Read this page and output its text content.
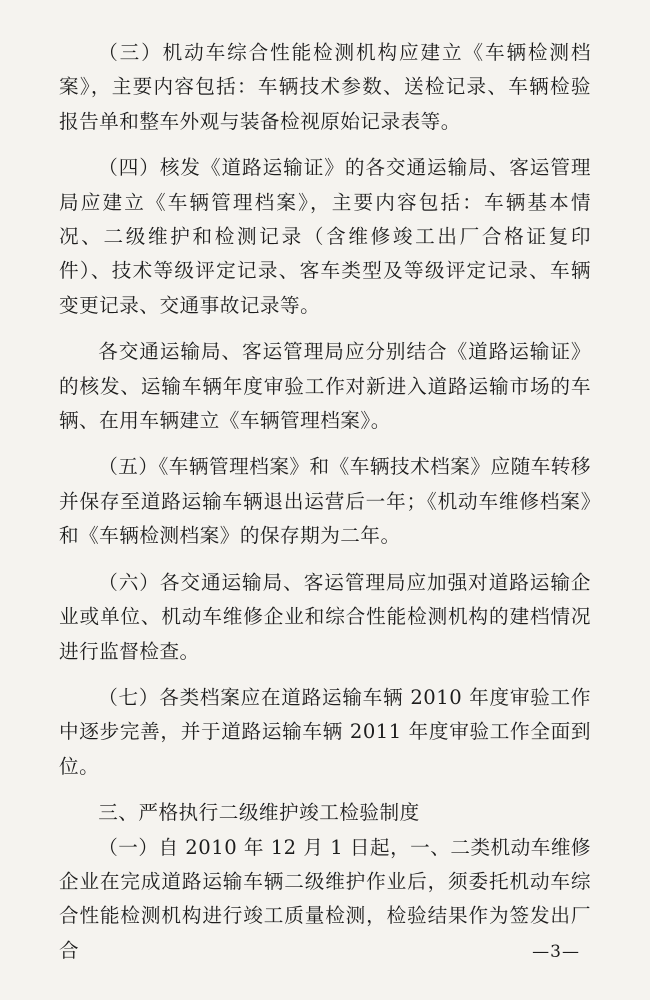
（三）机动车综合性能检测机构应建立《车辆检测档案》，主要内容包括：车辆技术参数、送检记录、车辆检验报告单和整车外观与装备检视原始记录表等。

（四）核发《道路运输证》的各交通运输局、客运管理局应建立《车辆管理档案》，主要内容包括：车辆基本情况、二级维护和检测记录（含维修竣工出厂合格证复印件）、技术等级评定记录、客车类型及等级评定记录、车辆变更记录、交通事故记录等。

各交通运输局、客运管理局应分别结合《道路运输证》的核发、运输车辆年度审验工作对新进入道路运输市场的车辆、在用车辆建立《车辆管理档案》。

（五）《车辆管理档案》和《车辆技术档案》应随车转移并保存至道路运输车辆退出运营后一年；《机动车维修档案》和《车辆检测档案》的保存期为二年。

（六）各交通运输局、客运管理局应加强对道路运输企业或单位、机动车维修企业和综合性能检测机构的建档情况进行监督检查。

（七）各类档案应在道路运输车辆 2010 年度审验工作中逐步完善，并于道路运输车辆 2011 年度审验工作全面到位。

三、严格执行二级维护竣工检验制度

（一）自 2010 年 12 月 1 日起，一、二类机动车维修企业在完成道路运输车辆二级维护作业后，须委托机动车综合性能检测机构进行竣工质量检测，检验结果作为签发出厂合	—3—
